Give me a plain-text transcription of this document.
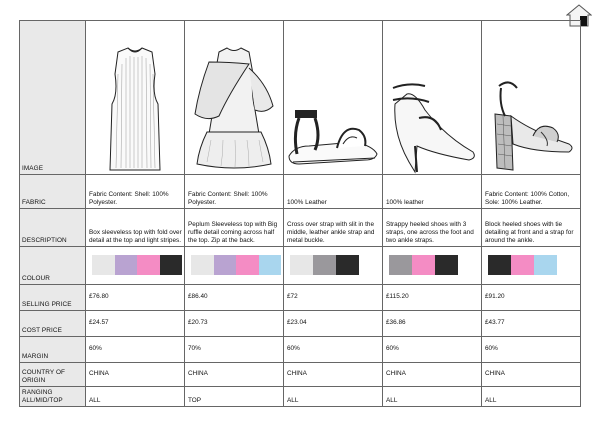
IMAGE	

FABRIC	Fabric Content: Shell: 100% Polyester.	Fabric Content: Shell: 100% Polyester.	100% Leather	100% leather	Fabric Content: 100% Cotton, Sole: 100% Leather.
DESCRIPTION	Box sleeveless top with fold over detail at the top and light stripes.	Peplum Sleeveless top with Big ruffle detail coming across half the top. Zip at the back.	Cross over strap with slit in the middle, leather ankle strap and metal buckle.	Strappy heeled shoes with 3 straps, one across the foot and two ankle straps.	Block heeled shoes with tie detailing at front and a strap for around the ankle.
COLOUR	

SELLING PRICE	£76.80	£86.40	£72	£115.20	£91.20
COST PRICE	£24.57	£20.73	£23.04	£36.86	£43.77
MARGIN	60%	70%	60%	60%	60%
COUNTRY OF ORIGIN	CHINA	CHINA	CHINA	CHINA	CHINA
RANGING ALL/MID/TOP	ALL	TOP	ALL	ALL	ALL
